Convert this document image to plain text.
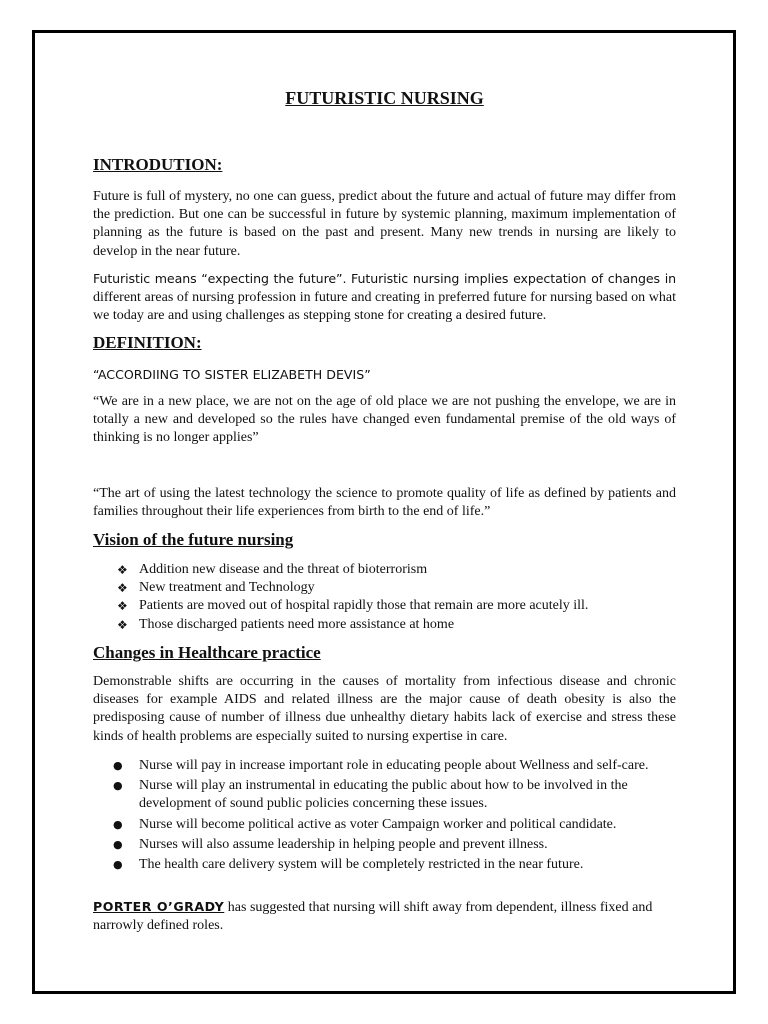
FUTURISTIC NURSING
INTRODUTION:

Future is full of mystery, no one can guess, predict about the future and actual of future may differ from the prediction. But one can be successful in future by systemic planning, maximum implementation of planning as the future is based on the past and present. Many new trends in nursing are likely to develop in the near future.

Futuristic means “expecting the future”. Futuristic nursing implies expectation of changes in different areas of nursing profession in future and creating in preferred future for nursing based on what we today are and using challenges as stepping stone for creating a desired future.

DEFINITION:
“ACCORDIING TO SISTER ELIZABETH DEVIS”

“We are in a new place, we are not on the age of old place we are not pushing the envelope, we are in totally a new and developed so the rules have changed even fundamental premise of the old ways of thinking is no longer applies”

“The art of using the latest technology the science to promote quality of life as defined by patients and families throughout their life experiences from birth to the end of life.”

Vision of the future nursing
❖ Addition new disease and the threat of bioterrorism
❖ New treatment and Technology
❖ Patients are moved out of hospital rapidly those that remain are more acutely ill.
❖ Those discharged patients need more assistance at home
Changes in Healthcare practice

Demonstrable shifts are occurring in the causes of mortality from infectious disease and chronic diseases for example AIDS and related illness are the major cause of death obesity is also the predisposing cause of number of illness due unhealthy dietary habits lack of exercise and stress these kinds of health problems are especially suited to nursing expertise in care.

● Nurse will pay in increase important role in educating people about Wellness and self-care.
● Nurse will play an instrumental in educating the public about how to be involved in the development of sound public policies concerning these issues.
● Nurse will become political active as voter Campaign worker and political candidate.
● Nurses will also assume leadership in helping people and prevent illness.
● The health care delivery system will be completely restricted in the near future.

PORTER O’GRADY has suggested that nursing will shift away from dependent, illness fixed and narrowly defined roles.
